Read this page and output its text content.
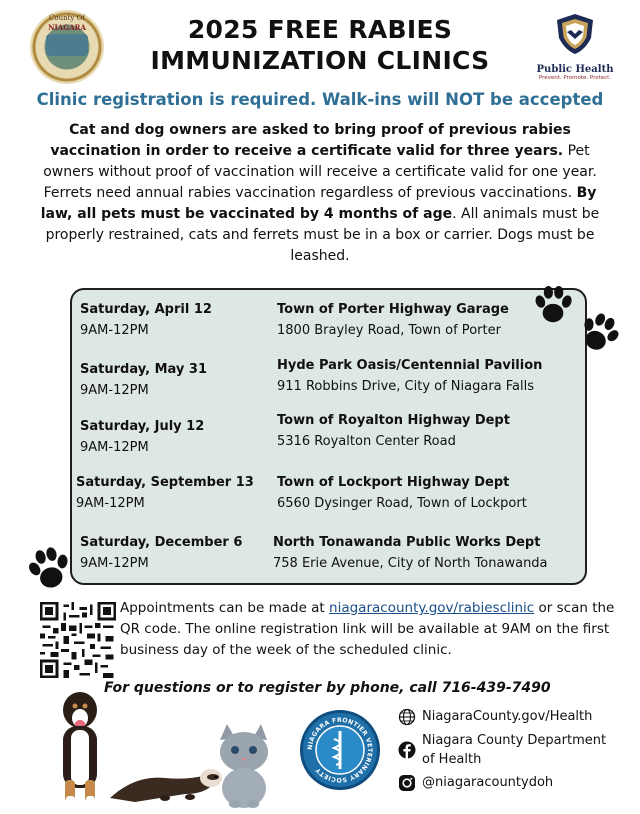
County Of
NIAGARA	2025 FREE RABIES
IMMUNIZATION CLINICS	Public Health
Prevent. Promote. Protect.
Clinic registration is required. Walk-ins will NOT be accepted
Cat and dog owners are asked to bring proof of previous rabies vaccination in order to receive a certificate valid for three years. Pet owners without proof of vaccination will receive a certificate valid for one year. Ferrets need annual rabies vaccination regardless of previous vaccinations. By law, all pets must be vaccinated by 4 months of age. All animals must be properly restrained, cats and ferrets must be in a box or carrier. Dogs must be leashed.
Saturday, April 12
9AM-12PM
Town of Porter Highway Garage
1800 Brayley Road, Town of Porter
Saturday, May 31
9AM-12PM
Hyde Park Oasis/Centennial Pavilion
911 Robbins Drive, City of Niagara Falls
Saturday, July 12
9AM-12PM
Town of Royalton Highway Dept
5316 Royalton Center Road
Saturday, September 13
9AM-12PM
Town of Lockport Highway Dept
6560 Dysinger Road, Town of Lockport
Saturday, December 6
9AM-12PM
North Tonawanda Public Works Dept
758 Erie Avenue, City of North Tonawanda
Appointments can be made at niagaracounty.gov/rabiesclinic or scan the QR code. The online registration link will be available at 9AM on the first business day of the week of the scheduled clinic.
For questions or to register by phone, call 716-439-7490
NIAGARA FRONTIER VETERINARY SOCIETY
NiagaraCounty.gov/Health
Niagara County Department
of Health
@niagaracountydoh
